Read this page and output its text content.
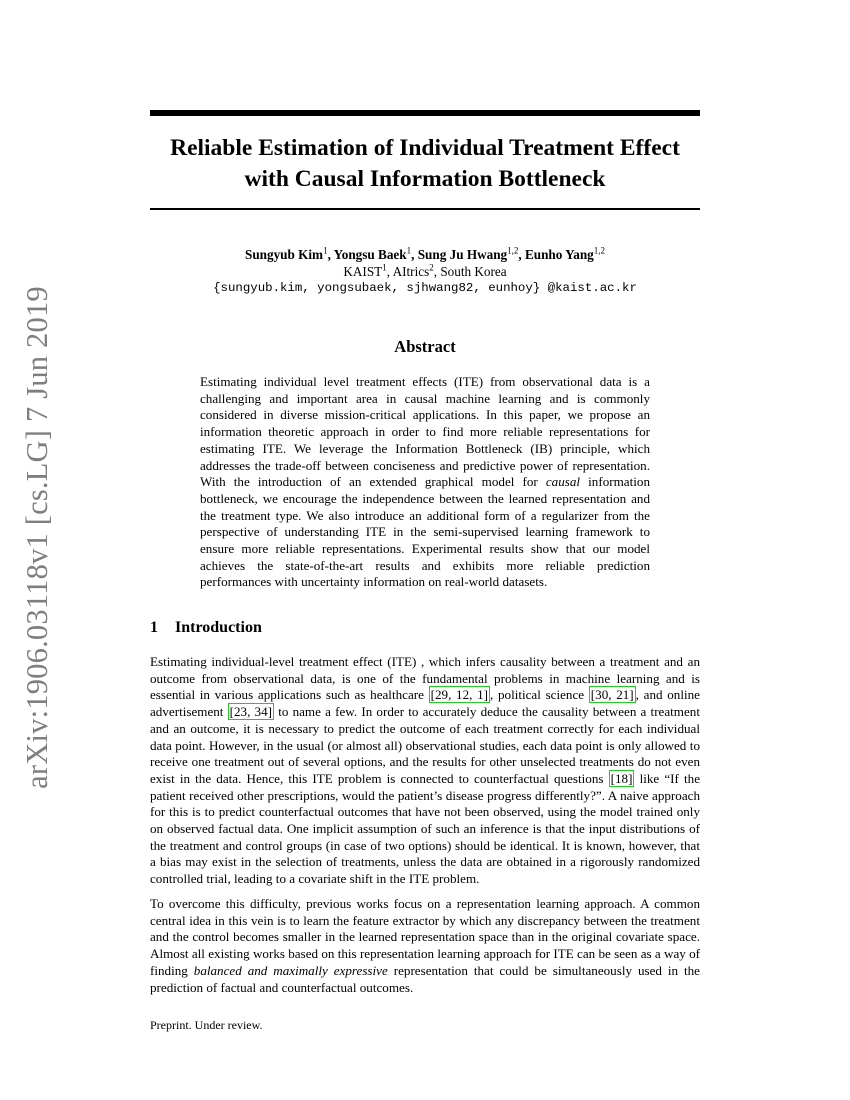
arXiv:1906.03118v1 [cs.LG] 7 Jun 2019
Reliable Estimation of Individual Treatment Effect
with Causal Information Bottleneck
Sungyub Kim$^1$, Yongsu Baek$^1$, Sung Ju Hwang$^{1,2}$, Eunho Yang$^{1,2}$
KAIST$^1$, AItrics$^2$, South Korea
{sungyub.kim, yongsubaek, sjhwang82, eunhoy} @kaist.ac.kr
Abstract
Estimating individual level treatment effects (ITE) from observational data is a challenging and important area in causal machine learning and is commonly considered in diverse mission-critical applications. In this paper, we propose an information theoretic approach in order to find more reliable representations for estimating ITE. We leverage the Information Bottleneck (IB) principle, which addresses the trade-off between conciseness and predictive power of representation. With the introduction of an extended graphical model for causal information bottleneck, we encourage the independence between the learned representation and the treatment type. We also introduce an additional form of a regularizer from the perspective of understanding ITE in the semi-supervised learning framework to ensure more reliable representations. Experimental results show that our model achieves the state-of-the-art results and exhibits more reliable prediction performances with uncertainty information on real-world datasets.
1 Introduction
Estimating individual-level treatment effect (ITE) , which infers causality between a treatment and an outcome from observational data, is one of the fundamental problems in machine learning and is essential in various applications such as healthcare [29, 12, 1] , political science [30, 21] , and online advertisement [23, 34] to name a few. In order to accurately deduce the causality between a treatment and an outcome, it is necessary to predict the outcome of each treatment correctly for each individual data point. However, in the usual (or almost all) observational studies, each data point is only allowed to receive one treatment out of several options, and the results for other unselected treatments do not even exist in the data. Hence, this ITE problem is connected to counterfactual questions [18] like “If the patient received other prescriptions, would the patient’s disease progress differently?”. A naive approach for this is to predict counterfactual outcomes that have not been observed, using the model trained only on observed factual data. One implicit assumption of such an inference is that the input distributions of the treatment and control groups (in case of two options) should be identical. It is known, however, that a bias may exist in the selection of treatments, unless the data are obtained in a rigorously randomized controlled trial, leading to a covariate shift in the ITE problem.
To overcome this difficulty, previous works focus on a representation learning approach. A common central idea in this vein is to learn the feature extractor by which any discrepancy between the treatment and the control becomes smaller in the learned representation space than in the original covariate space. Almost all existing works based on this representation learning approach for ITE can be seen as a way of finding balanced and maximally expressive representation that could be simultaneously used in the prediction of factual and counterfactual outcomes.
Preprint. Under review.
